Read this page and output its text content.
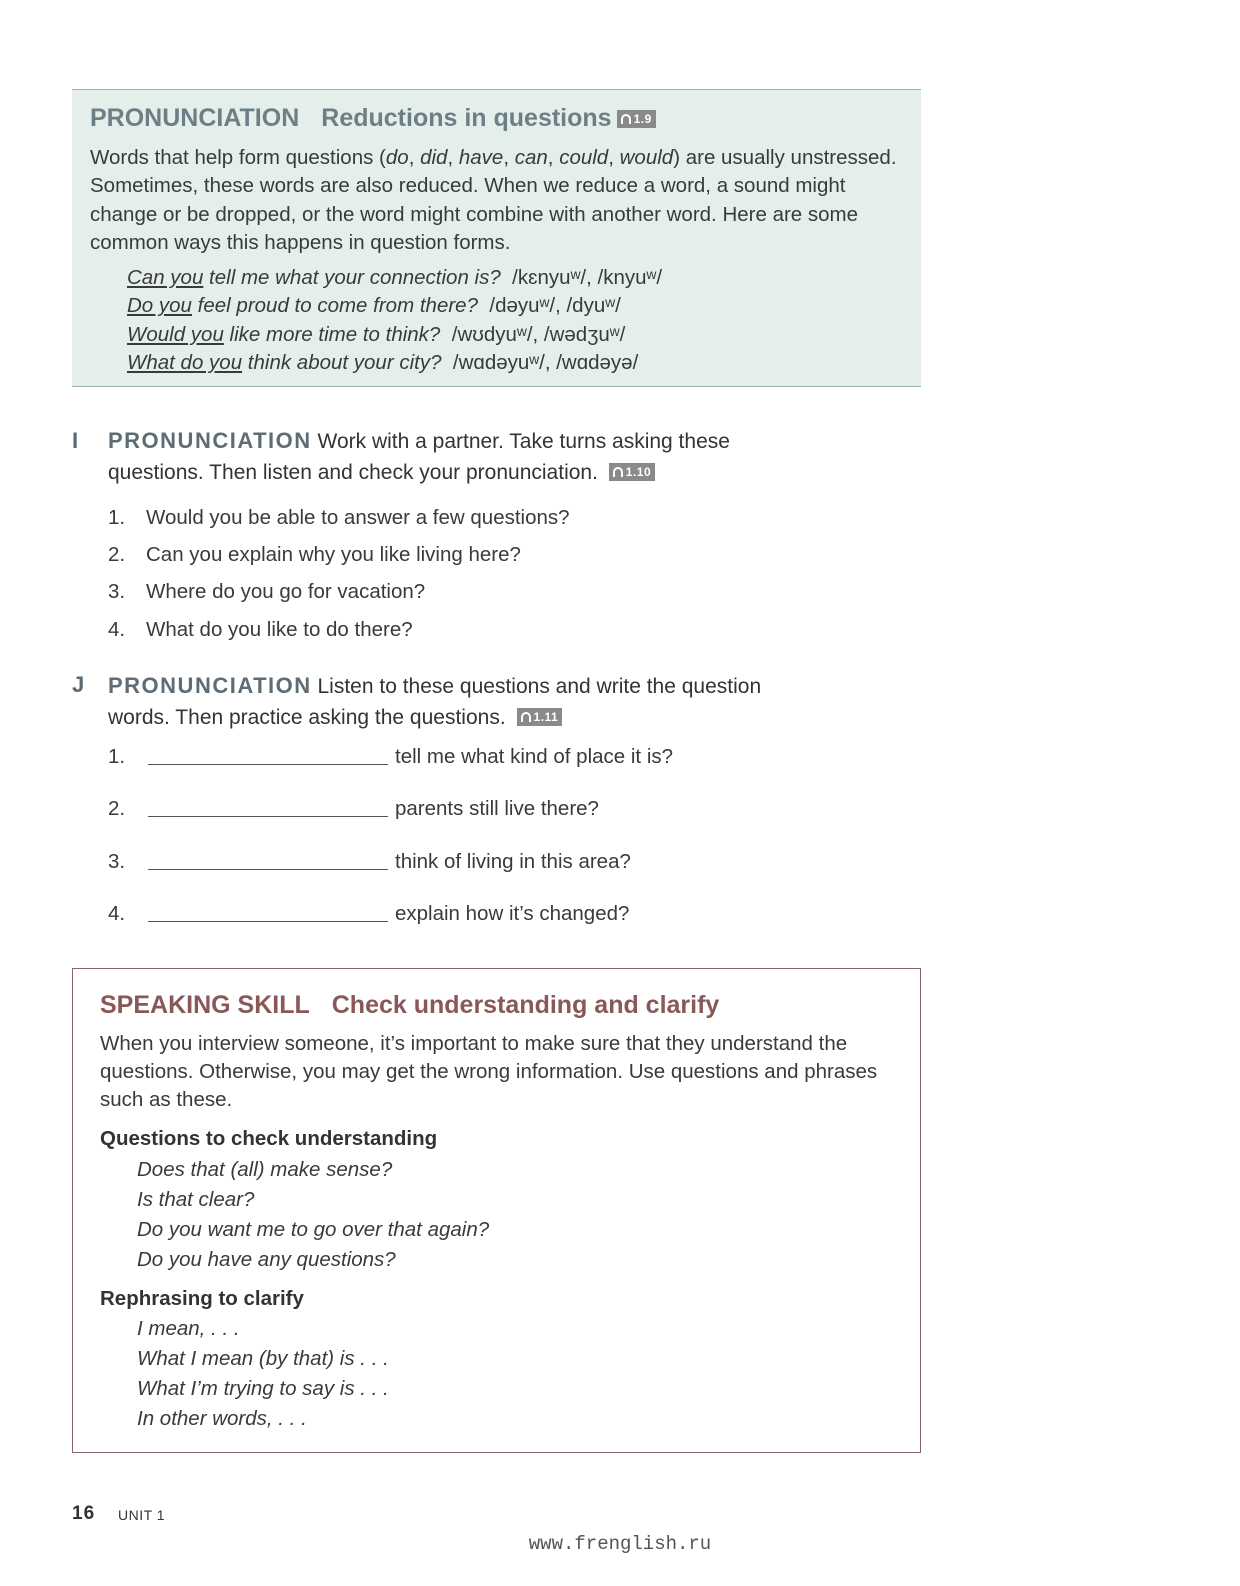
PRONUNCIATION Reductions in questions 1.9

Words that help form questions (do, did, have, can, could, would) are usually unstressed. Sometimes, these words are also reduced. When we reduce a word, a sound might change or be dropped, or the word might combine with another word. Here are some common ways this happens in question forms.

Can you tell me what your connection is? /kɛnyuʷ/, /knyuʷ/
Do you feel proud to come from there? /dəyuʷ/, /dyuʷ/
Would you like more time to think? /wʊdyuʷ/, /wədʒuʷ/
What do you think about your city? /wɑdəyuʷ/, /wɑdəyə/
I PRONUNCIATION Work with a partner. Take turns asking these
questions. Then listen and check your pronunciation. 1.10

1. Would you be able to answer a few questions?
2. Can you explain why you like living here?
3. Where do you go for vacation?
4. What do you like to do there?
J PRONUNCIATION Listen to these questions and write the question
words. Then practice asking the questions. 1.11

1.	tell me what kind of place it is?
2.	parents still live there?
3.	think of living in this area?
4.	explain how it’s changed?
SPEAKING SKILL Check understanding and clarify

When you interview someone, it’s important to make sure that they understand the questions. Otherwise, you may get the wrong information. Use questions and phrases such as these.

Questions to check understanding
Does that (all) make sense?
Is that clear?
Do you want me to go over that again?
Do you have any questions?
Rephrasing to clarify
I mean, . . .
What I mean (by that) is . . .
What I’m trying to say is . . .
In other words, . . .
16 UNIT 1
www.frenglish.ru
